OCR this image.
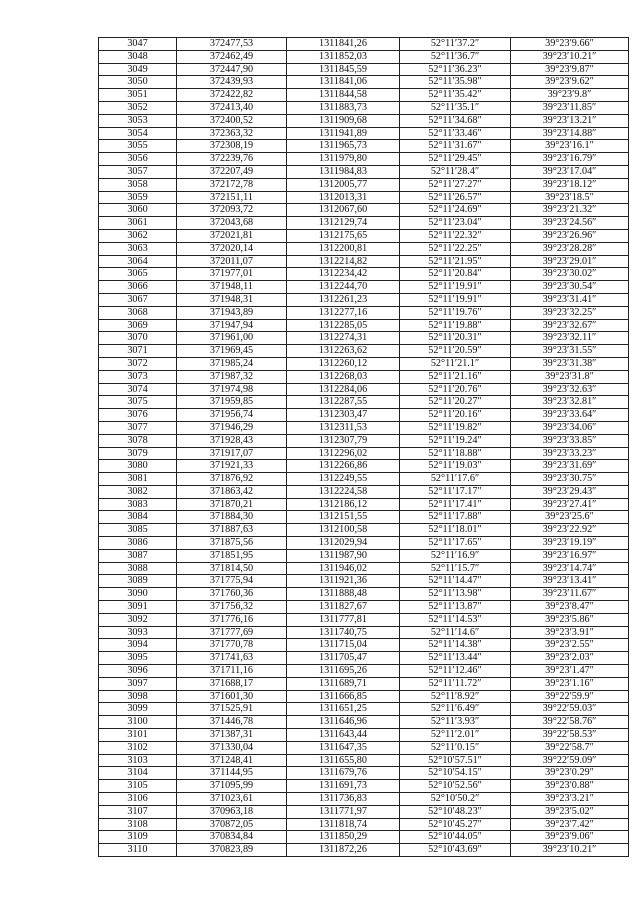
3047	372477,53	1311841,26	52°11′37.2″	39°23′9.66″
3048	372462,49	1311852,03	52°11′36.7″	39°23′10.21″
3049	372447,90	1311845,59	52°11′36.23″	39°23′9.87″
3050	372439,93	1311841,06	52°11′35.98″	39°23′9.62″
3051	372422,82	1311844,58	52°11′35.42″	39°23′9.8″
3052	372413,40	1311883,73	52°11′35.1″	39°23′11.85″
3053	372400,52	1311909,68	52°11′34.68″	39°23′13.21″
3054	372363,32	1311941,89	52°11′33.46″	39°23′14.88″
3055	372308,19	1311965,73	52°11′31.67″	39°23′16.1″
3056	372239,76	1311979,80	52°11′29.45″	39°23′16.79″
3057	372207,49	1311984,83	52°11′28.4″	39°23′17.04″
3058	372172,78	1312005,77	52°11′27.27″	39°23′18.12″
3059	372151,11	1312013,31	52°11′26.57″	39°23′18.5″
3060	372093,72	1312067,60	52°11′24.69″	39°23′21.32″
3061	372043,68	1312129,74	52°11′23.04″	39°23′24.56″
3062	372021,81	1312175,65	52°11′22.32″	39°23′26.96″
3063	372020,14	1312200,81	52°11′22.25″	39°23′28.28″
3064	372011,07	1312214,82	52°11′21.95″	39°23′29.01″
3065	371977,01	1312234,42	52°11′20.84″	39°23′30.02″
3066	371948,11	1312244,70	52°11′19.91″	39°23′30.54″
3067	371948,31	1312261,23	52°11′19.91″	39°23′31.41″
3068	371943,89	1312277,16	52°11′19.76″	39°23′32.25″
3069	371947,94	1312285,05	52°11′19.88″	39°23′32.67″
3070	371961,00	1312274,31	52°11′20.31″	39°23′32.11″
3071	371969,45	1312263,62	52°11′20.59″	39°23′31.55″
3072	371985,24	1312260,12	52°11′21.1″	39°23′31.38″
3073	371987,32	1312268,03	52°11′21.16″	39°23′31.8″
3074	371974,98	1312284,06	52°11′20.76″	39°23′32.63″
3075	371959,85	1312287,55	52°11′20.27″	39°23′32.81″
3076	371956,74	1312303,47	52°11′20.16″	39°23′33.64″
3077	371946,29	1312311,53	52°11′19.82″	39°23′34.06″
3078	371928,43	1312307,79	52°11′19.24″	39°23′33.85″
3079	371917,07	1312296,02	52°11′18.88″	39°23′33.23″
3080	371921,33	1312266,86	52°11′19.03″	39°23′31.69″
3081	371876,92	1312249,55	52°11′17.6″	39°23′30.75″
3082	371863,42	1312224,58	52°11′17.17″	39°23′29.43″
3083	371870,21	1312186,12	52°11′17.41″	39°23′27.41″
3084	371884,30	1312151,55	52°11′17.88″	39°23′25.6″
3085	371887,63	1312100,58	52°11′18.01″	39°23′22.92″
3086	371875,56	1312029,94	52°11′17.65″	39°23′19.19″
3087	371851,95	1311987,90	52°11′16.9″	39°23′16.97″
3088	371814,50	1311946,02	52°11′15.7″	39°23′14.74″
3089	371775,94	1311921,36	52°11′14.47″	39°23′13.41″
3090	371760,36	1311888,48	52°11′13.98″	39°23′11.67″
3091	371756,32	1311827,67	52°11′13.87″	39°23′8.47″
3092	371776,16	1311777,81	52°11′14.53″	39°23′5.86″
3093	371777,69	1311740,75	52°11′14.6″	39°23′3.91″
3094	371770,78	1311715,04	52°11′14.38″	39°23′2.55″
3095	371741,63	1311705,47	52°11′13.44″	39°23′2.03″
3096	371711,16	1311695,26	52°11′12.46″	39°23′1.47″
3097	371688,17	1311689,71	52°11′11.72″	39°23′1.16″
3098	371601,30	1311666,85	52°11′8.92″	39°22′59.9″
3099	371525,91	1311651,25	52°11′6.49″	39°22′59.03″
3100	371446,78	1311646,96	52°11′3.93″	39°22′58.76″
3101	371387,31	1311643,44	52°11′2.01″	39°22′58.53″
3102	371330,04	1311647,35	52°11′0.15″	39°22′58.7″
3103	371248,41	1311655,80	52°10′57.51″	39°22′59.09″
3104	371144,95	1311679,76	52°10′54.15″	39°23′0.29″
3105	371095,99	1311691,73	52°10′52.56″	39°23′0.88″
3106	371023,61	1311736,83	52°10′50.2″	39°23′3.21″
3107	370963,18	1311771,97	52°10′48.23″	39°23′5.02″
3108	370872,05	1311818,74	52°10′45.27″	39°23′7.42″
3109	370834,84	1311850,29	52°10′44.05″	39°23′9.06″
3110	370823,89	1311872,26	52°10′43.69″	39°23′10.21″
